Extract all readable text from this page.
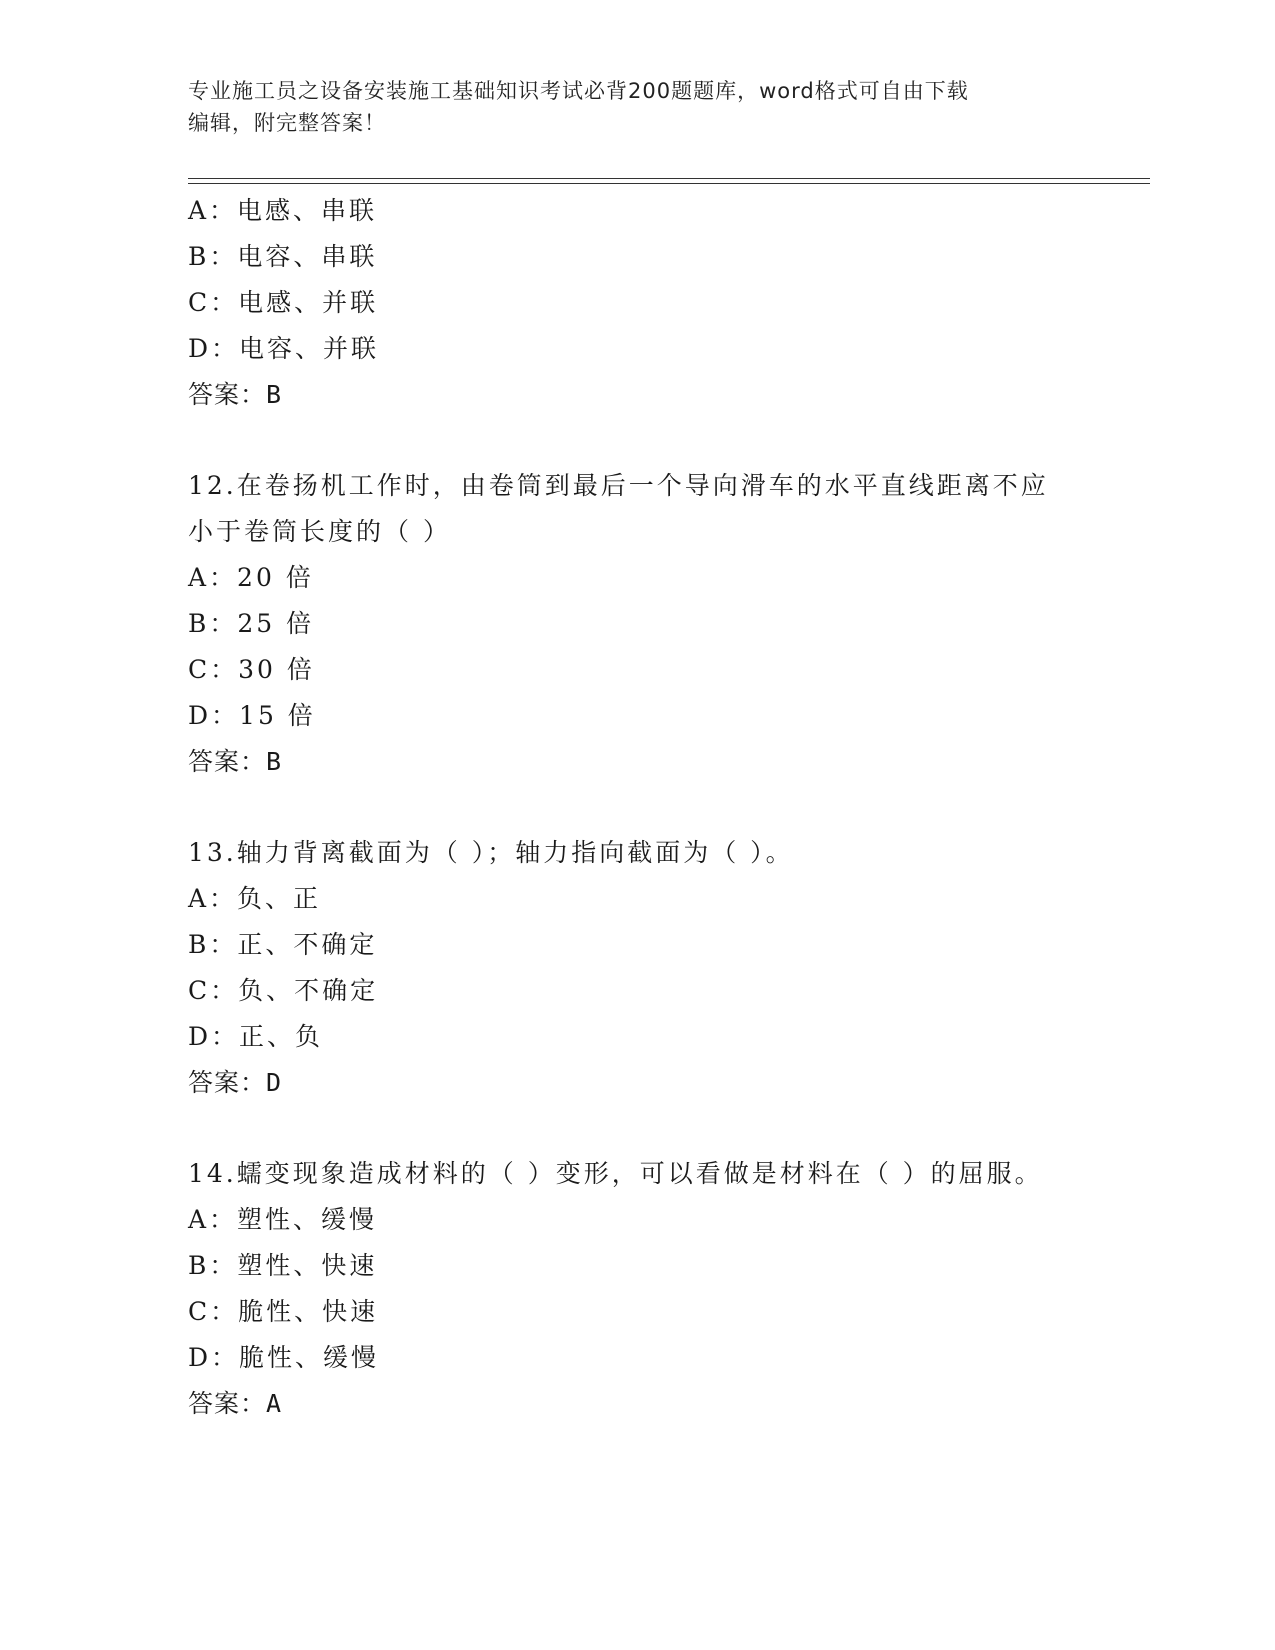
专业施工员之设备安装施工基础知识考试必背200题题库，word格式可自由下载
编辑，附完整答案！
A：电感、串联
B：电容、串联
C：电感、并联
D：电容、并联
答案：B
12.在卷扬机工作时，由卷筒到最后一个导向滑车的水平直线距离不应
小于卷筒长度的（ ）
A：20 倍
B：25 倍
C：30 倍
D：15 倍
答案：B
13.轴力背离截面为（ ）；轴力指向截面为（ ）。
A：负、正
B：正、不确定
C：负、不确定
D：正、负
答案：D
14.蠕变现象造成材料的（ ）变形，可以看做是材料在（ ）的屈服。
A：塑性、缓慢
B：塑性、快速
C：脆性、快速
D：脆性、缓慢
答案：A
